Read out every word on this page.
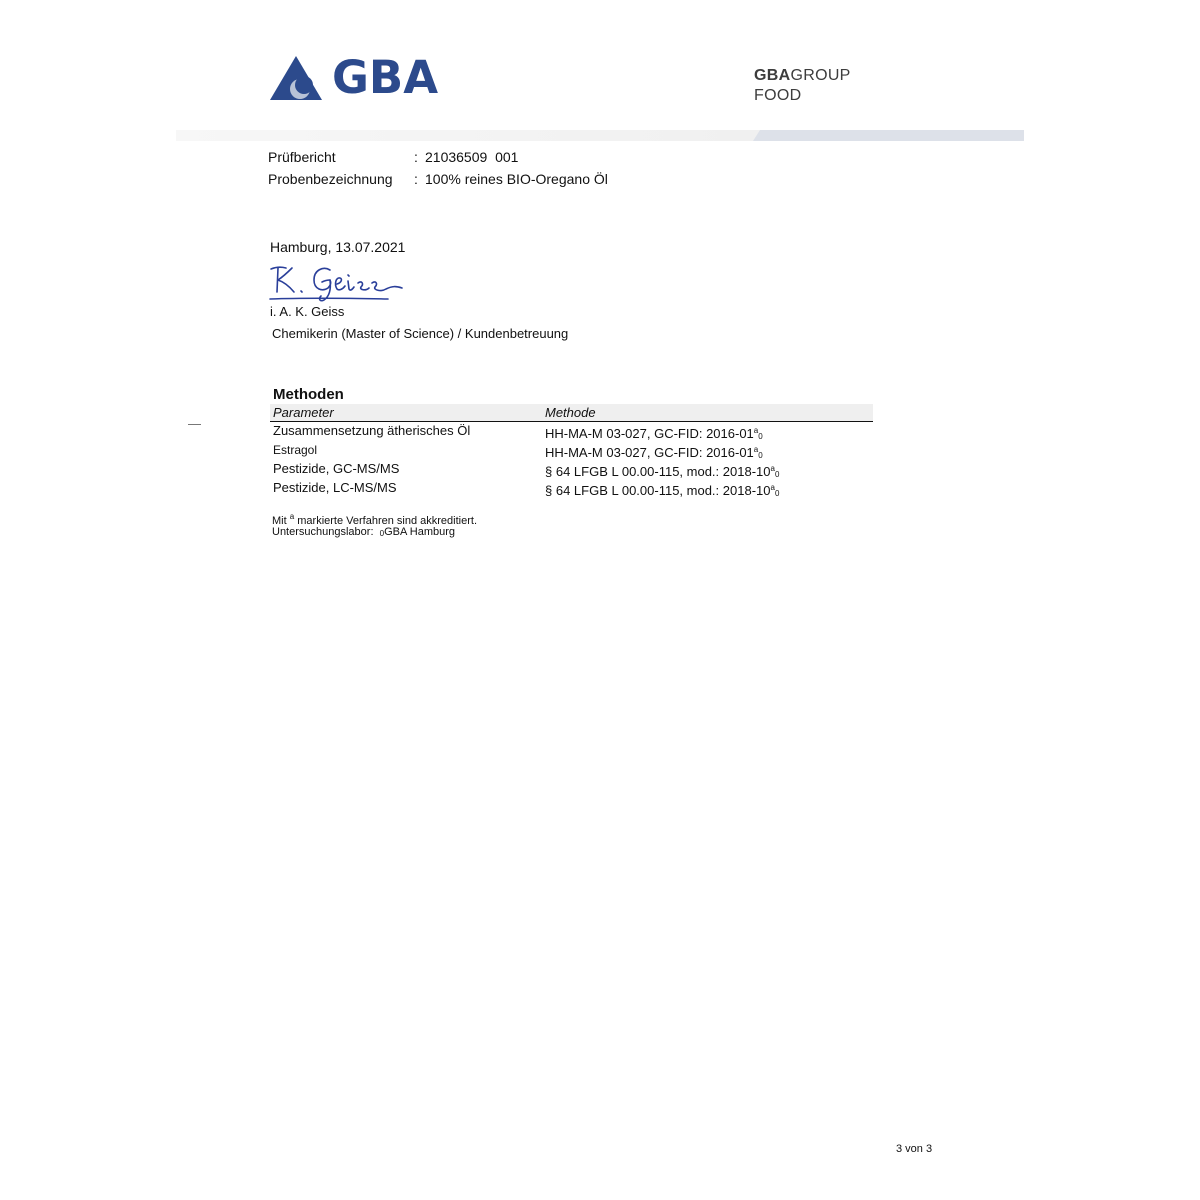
GBA	GBAGROUP
FOOD
Prüfbericht	: 21036509  001
Probenbezeichnung : 100% reines BIO-Oregano Öl
Hamburg, 13.07.2021
i. A. K. Geiss
Chemikerin (Master of Science) / Kundenbetreuung
Methoden
Parameter	Methode
Zusammensetzung ätherisches Öl	HH-MA-M 03-027, GC-FID: 2016-01$^a$0
Estragol	HH-MA-M 03-027, GC-FID: 2016-01$^a$0
Pestizide, GC-MS/MS	§ 64 LFGB L 00.00-115, mod.: 2018-10$^a$0
Pestizide, LC-MS/MS	§ 64 LFGB L 00.00-115, mod.: 2018-10$^a$0
Mit $^a$ markierte Verfahren sind akkreditiert.
Untersuchungslabor: 0GBA Hamburg
3 von 3
